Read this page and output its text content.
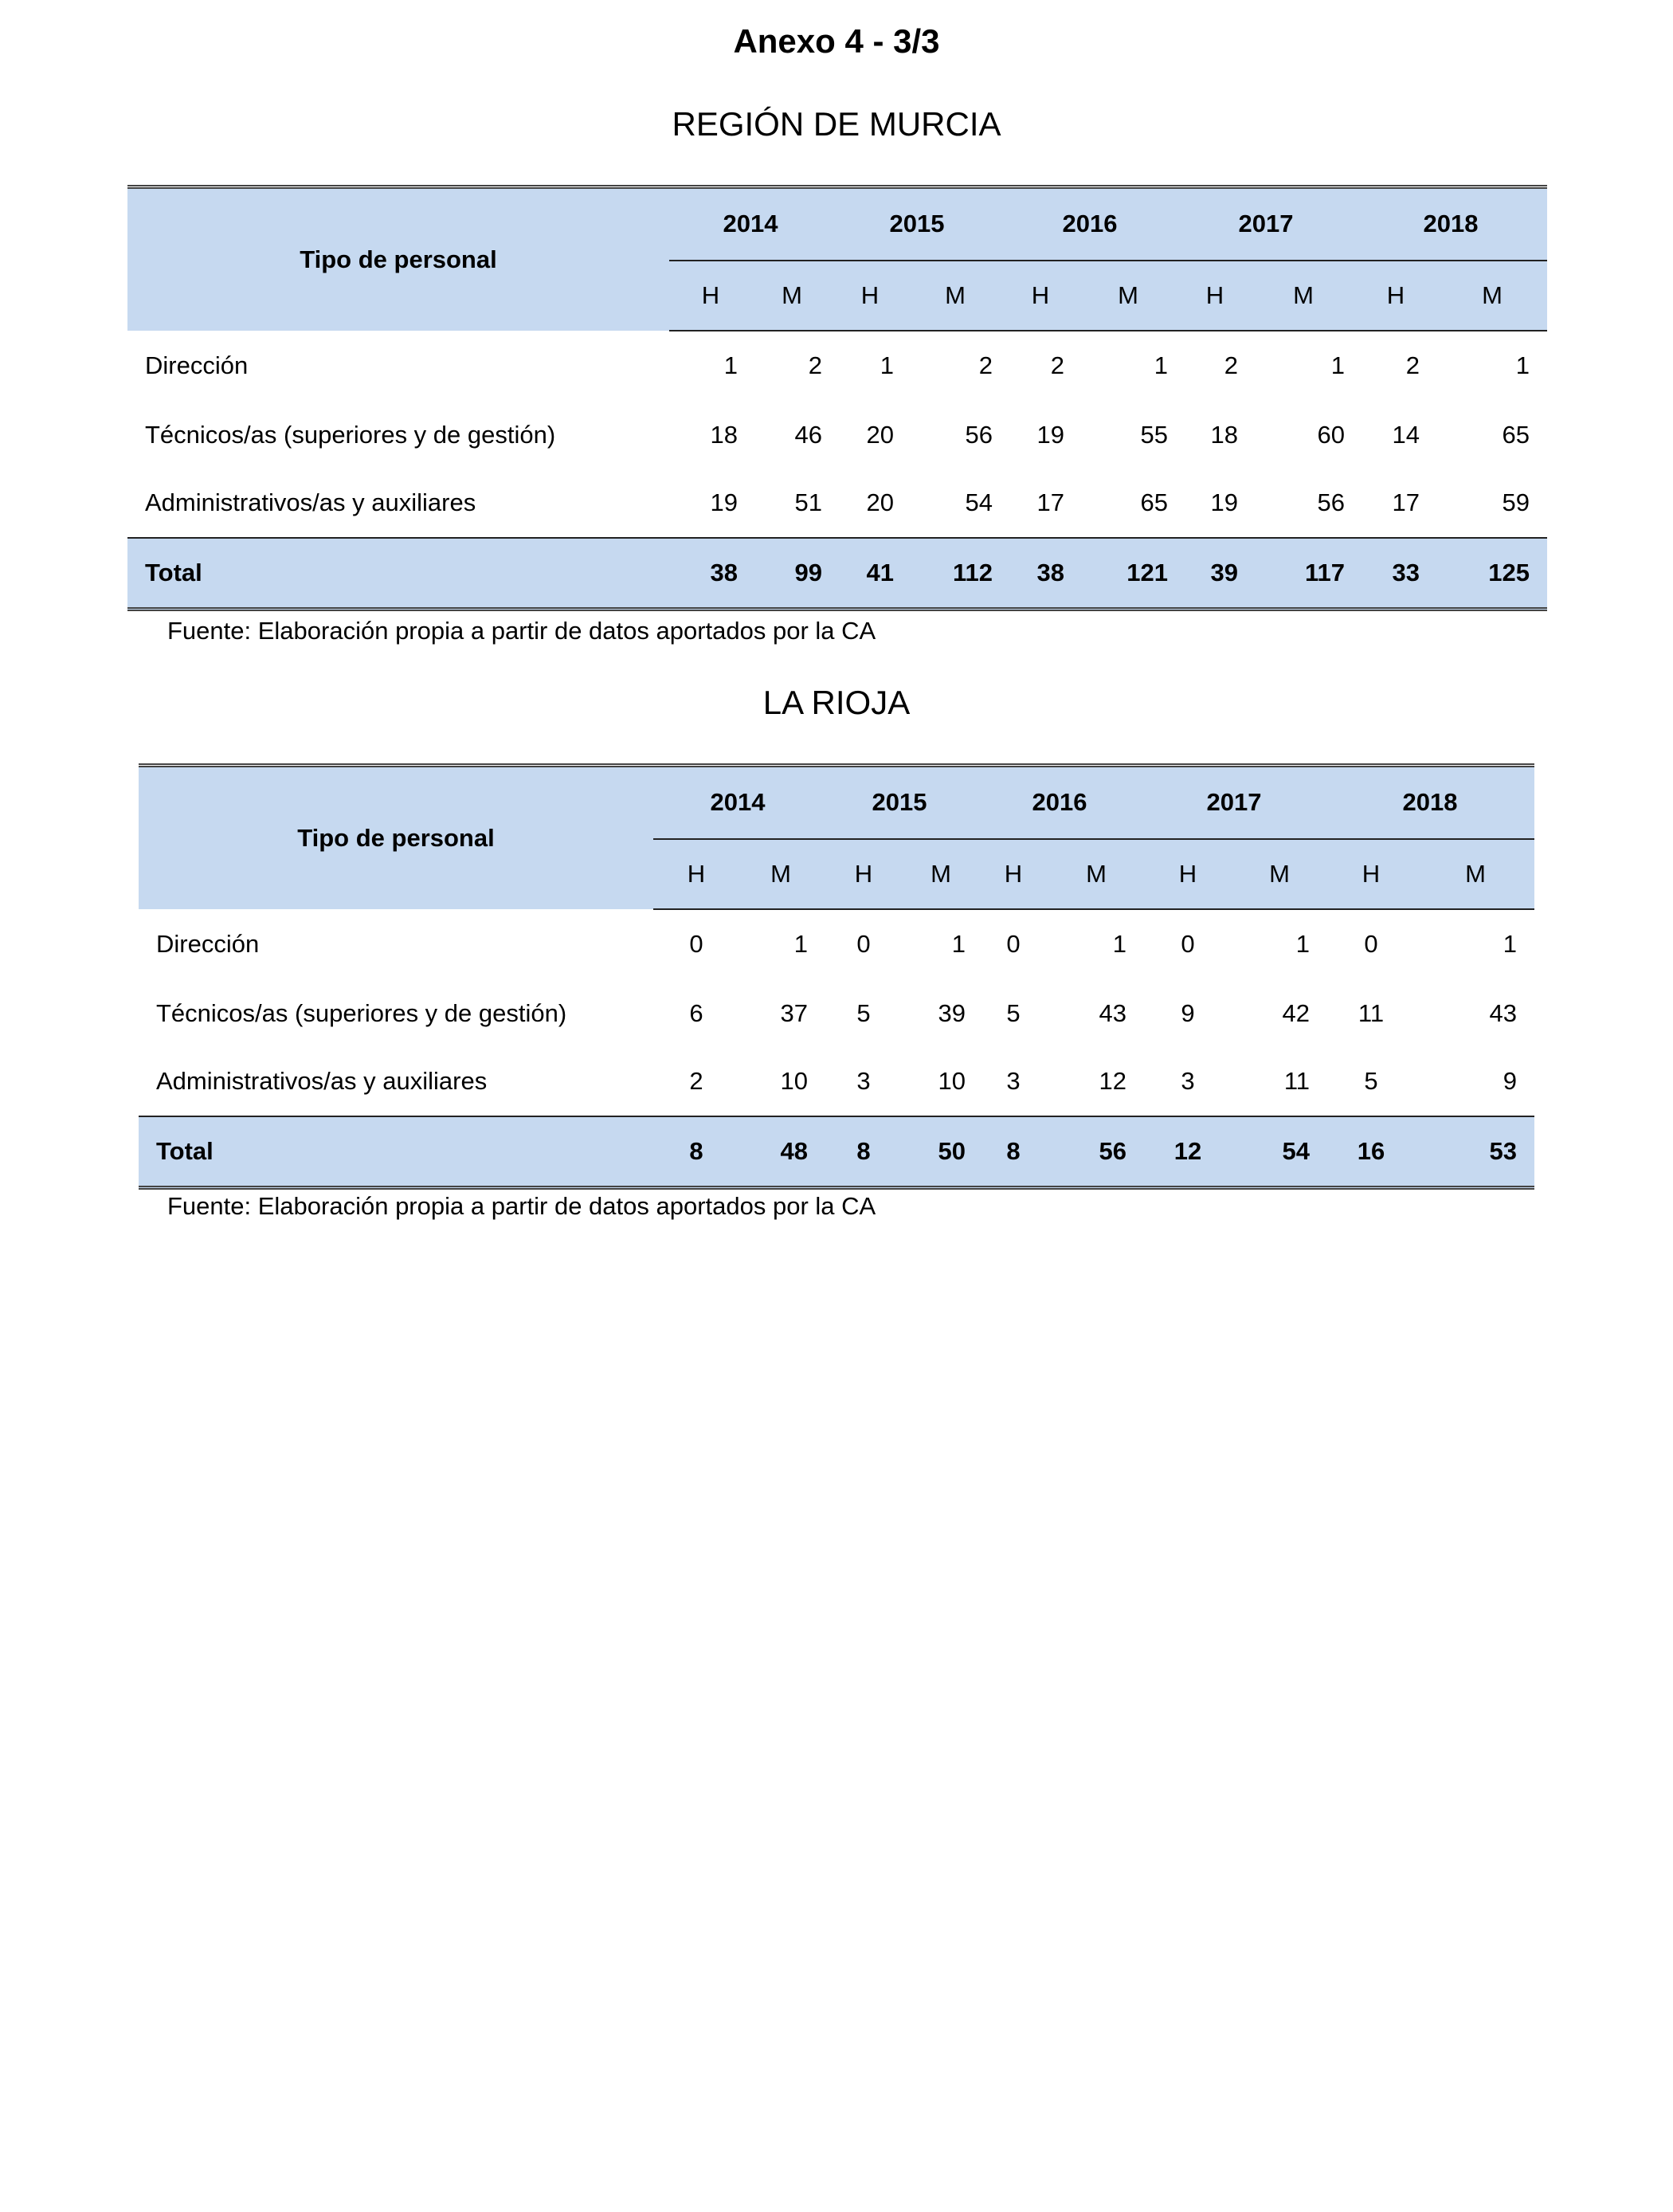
Anexo 4 - 3/3
REGIÓN DE MURCIA
Tipo de personal	2014		2015		2016		2017		2018	
	H	M	H	M	H	M	H	M	H	M
Dirección	1	2	1	2	2	1	2	1	2	1
Técnicos/as (superiores y de gestión)	18	46	20	56	19	55	18	60	14	65
Administrativos/as y auxiliares	19	51	20	54	17	65	19	56	17	59
Total	38	99	41	112	38	121	39	117	33	125
Fuente: Elaboración propia a partir de datos aportados por la CA
LA RIOJA
Tipo de personal	2014		2015		2016		2017		2018	
	H	M	H	M	H	M	H	M	H	M
Dirección	0	1	0	1	0	1	0	1	0	1
Técnicos/as (superiores y de gestión)	6	37	5	39	5	43	9	42	11	43
Administrativos/as y auxiliares	2	10	3	10	3	12	3	11	5	9
Total	8	48	8	50	8	56	12	54	16	53
Fuente: Elaboración propia a partir de datos aportados por la CA
